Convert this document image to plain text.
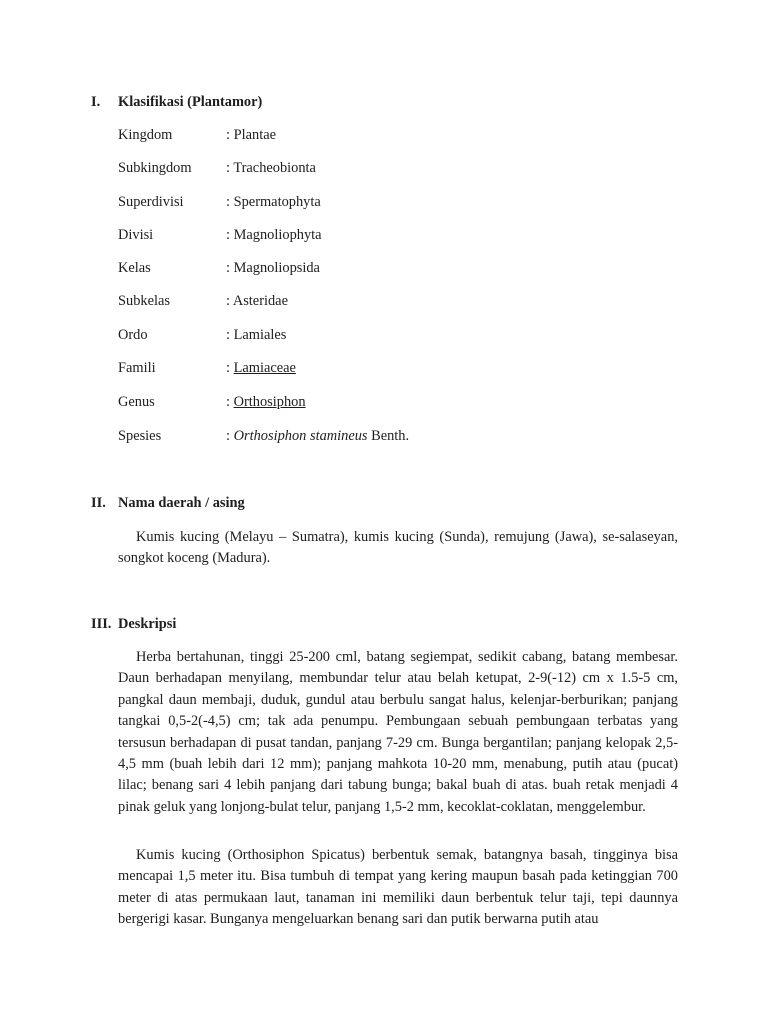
I. Klasifikasi (Plantamor)
Kingdom	: Plantae
Subkingdom : Tracheobionta
Superdivisi	: Spermatophyta
Divisi	: Magnoliophyta
Kelas	: Magnoliopsida
Subkelas	: Asteridae
Ordo	: Lamiales
Famili	: Lamiaceae
Genus	: Orthosiphon
Spesies	: Orthosiphon stamineus Benth.
II. Nama daerah / asing

Kumis kucing (Melayu – Sumatra), kumis kucing (Sunda), remujung (Jawa), se-salaseyan, songkot koceng (Madura).

III. Deskripsi

Herba bertahunan, tinggi 25-200 cml, batang segiempat, sedikit cabang, batang membesar. Daun berhadapan menyilang, membundar telur atau belah ketupat, 2-9(-12) cm x 1.5-5 cm, pangkal daun membaji, duduk, gundul atau berbulu sangat halus, kelenjar-berburikan; panjang tangkai 0,5-2(-4,5) cm; tak ada penumpu. Pembungaan sebuah pembungaan terbatas yang tersusun berhadapan di pusat tandan, panjang 7-29 cm. Bunga bergantilan; panjang kelopak 2,5-4,5 mm (buah lebih dari 12 mm); panjang mahkota 10-20 mm, menabung, putih atau (pucat) lilac; benang sari 4 lebih panjang dari tabung bunga; bakal buah di atas. buah retak menjadi 4 pinak geluk yang lonjong-bulat telur, panjang 1,5-2 mm, kecoklat-coklatan, menggelembur.

Kumis kucing (Orthosiphon Spicatus) berbentuk semak, batangnya basah, tingginya bisa mencapai 1,5 meter itu. Bisa tumbuh di tempat yang kering maupun basah pada ketinggian 700 meter di atas permukaan laut, tanaman ini memiliki daun berbentuk telur taji, tepi daunnya bergerigi kasar. Bunganya mengeluarkan benang sari dan putik berwarna putih atau
